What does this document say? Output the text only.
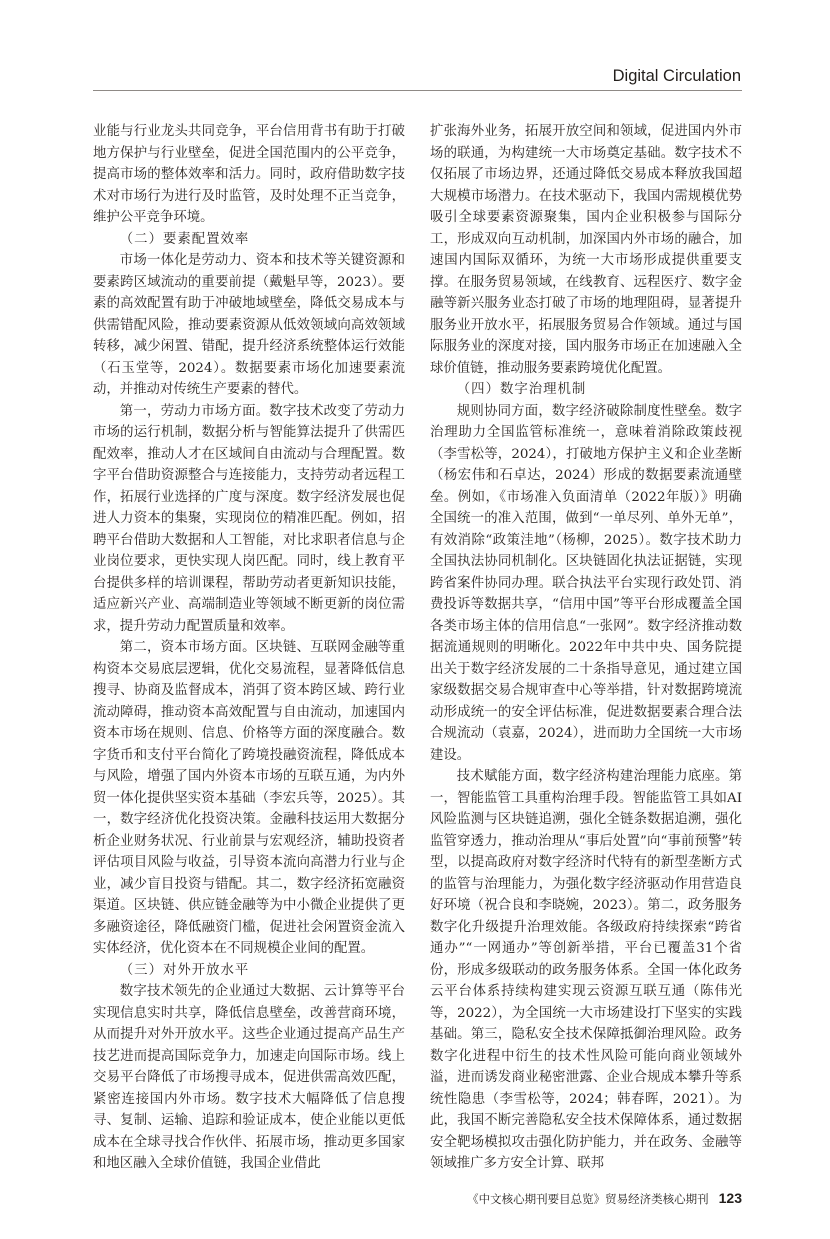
Digital Circulation

业能与行业龙头共同竞争，平台信用背书有助于打破地方保护与行业壁垒，促进全国范围内的公平竞争，提高市场的整体效率和活力。同时，政府借助数字技术对市场行为进行及时监管，及时处理不正当竞争，维护公平竞争环境。

（二）要素配置效率

市场一体化是劳动力、资本和技术等关键资源和要素跨区域流动的重要前提（戴魁早等，2023）。要素的高效配置有助于冲破地域壁垒，降低交易成本与供需错配风险，推动要素资源从低效领域向高效领域转移，减少闲置、错配，提升经济系统整体运行效能（石玉堂等，2024）。数据要素市场化加速要素流动，并推动对传统生产要素的替代。

第一，劳动力市场方面。数字技术改变了劳动力市场的运行机制，数据分析与智能算法提升了供需匹配效率，推动人才在区域间自由流动与合理配置。数字平台借助资源整合与连接能力，支持劳动者远程工作，拓展行业选择的广度与深度。数字经济发展也促进人力资本的集聚，实现岗位的精准匹配。例如，招聘平台借助大数据和人工智能，对比求职者信息与企业岗位要求，更快实现人岗匹配。同时，线上教育平台提供多样的培训课程，帮助劳动者更新知识技能，适应新兴产业、高端制造业等领域不断更新的岗位需求，提升劳动力配置质量和效率。

第二，资本市场方面。区块链、互联网金融等重构资本交易底层逻辑，优化交易流程，显著降低信息搜寻、协商及监督成本，消弭了资本跨区域、跨行业流动障碍，推动资本高效配置与自由流动，加速国内资本市场在规则、信息、价格等方面的深度融合。数字货币和支付平台简化了跨境投融资流程，降低成本与风险，增强了国内外资本市场的互联互通，为内外贸一体化提供坚实资本基础（李宏兵等，2025）。其一，数字经济优化投资决策。金融科技运用大数据分析企业财务状况、行业前景与宏观经济，辅助投资者评估项目风险与收益，引导资本流向高潜力行业与企业，减少盲目投资与错配。其二，数字经济拓宽融资渠道。区块链、供应链金融等为中小微企业提供了更多融资途径，降低融资门槛，促进社会闲置资金流入实体经济，优化资本在不同规模企业间的配置。

（三）对外开放水平

数字技术领先的企业通过大数据、云计算等平台实现信息实时共享，降低信息壁垒，改善营商环境，从而提升对外开放水平。这些企业通过提高产品生产技艺进而提高国际竞争力，加速走向国际市场。线上交易平台降低了市场搜寻成本，促进供需高效匹配，紧密连接国内外市场。数字技术大幅降低了信息搜寻、复制、运输、追踪和验证成本，使企业能以更低成本在全球寻找合作伙伴、拓展市场，推动更多国家和地区融入全球价值链，我国企业借此

扩张海外业务，拓展开放空间和领域，促进国内外市场的联通，为构建统一大市场奠定基础。数字技术不仅拓展了市场边界，还通过降低交易成本释放我国超大规模市场潜力。在技术驱动下，我国内需规模优势吸引全球要素资源聚集，国内企业积极参与国际分工，形成双向互动机制，加深国内外市场的融合，加速国内国际双循环，为统一大市场形成提供重要支撑。在服务贸易领域，在线教育、远程医疗、数字金融等新兴服务业态打破了市场的地理阻碍，显著提升服务业开放水平，拓展服务贸易合作领域。通过与国际服务业的深度对接，国内服务市场正在加速融入全球价值链，推动服务要素跨境优化配置。

（四）数字治理机制

规则协同方面，数字经济破除制度性壁垒。数字治理助力全国监管标准统一，意味着消除政策歧视（李雪松等，2024），打破地方保护主义和企业垄断（杨宏伟和石卓达，2024）形成的数据要素流通壁垒。例如，《市场准入负面清单（2022年版）》明确全国统一的准入范围，做到“一单尽列、单外无单”，有效消除“政策洼地”（杨柳，2025）。数字技术助力全国执法协同机制化。区块链固化执法证据链，实现跨省案件协同办理。联合执法平台实现行政处罚、消费投诉等数据共享，“信用中国”等平台形成覆盖全国各类市场主体的信用信息“一张网”。数字经济推动数据流通规则的明晰化。2022年中共中央、国务院提出关于数字经济发展的二十条指导意见，通过建立国家级数据交易合规审查中心等举措，针对数据跨境流动形成统一的安全评估标准，促进数据要素合理合法合规流动（袁嘉，2024），进而助力全国统一大市场建设。

技术赋能方面，数字经济构建治理能力底座。第一，智能监管工具重构治理手段。智能监管工具如AI风险监测与区块链追溯，强化全链条数据追溯，强化监管穿透力，推动治理从“事后处置”向“事前预警”转型，以提高政府对数字经济时代特有的新型垄断方式的监管与治理能力，为强化数字经济驱动作用营造良好环境（祝合良和李晓婉，2023）。第二，政务服务数字化升级提升治理效能。各级政府持续探索“跨省通办”“一网通办”等创新举措，平台已覆盖31个省份，形成多级联动的政务服务体系。全国一体化政务云平台体系持续构建实现云资源互联互通（陈伟光等，2022），为全国统一大市场建设打下坚实的实践基础。第三，隐私安全技术保障抵御治理风险。政务数字化进程中衍生的技术性风险可能向商业领域外溢，进而诱发商业秘密泄露、企业合规成本攀升等系统性隐患（李雪松等，2024；韩春晖，2021）。为此，我国不断完善隐私安全技术保障体系，通过数据安全靶场模拟攻击强化防护能力，并在政务、金融等领域推广多方安全计算、联邦

《中文核心期刊要目总览》贸易经济类核心期刊 123
